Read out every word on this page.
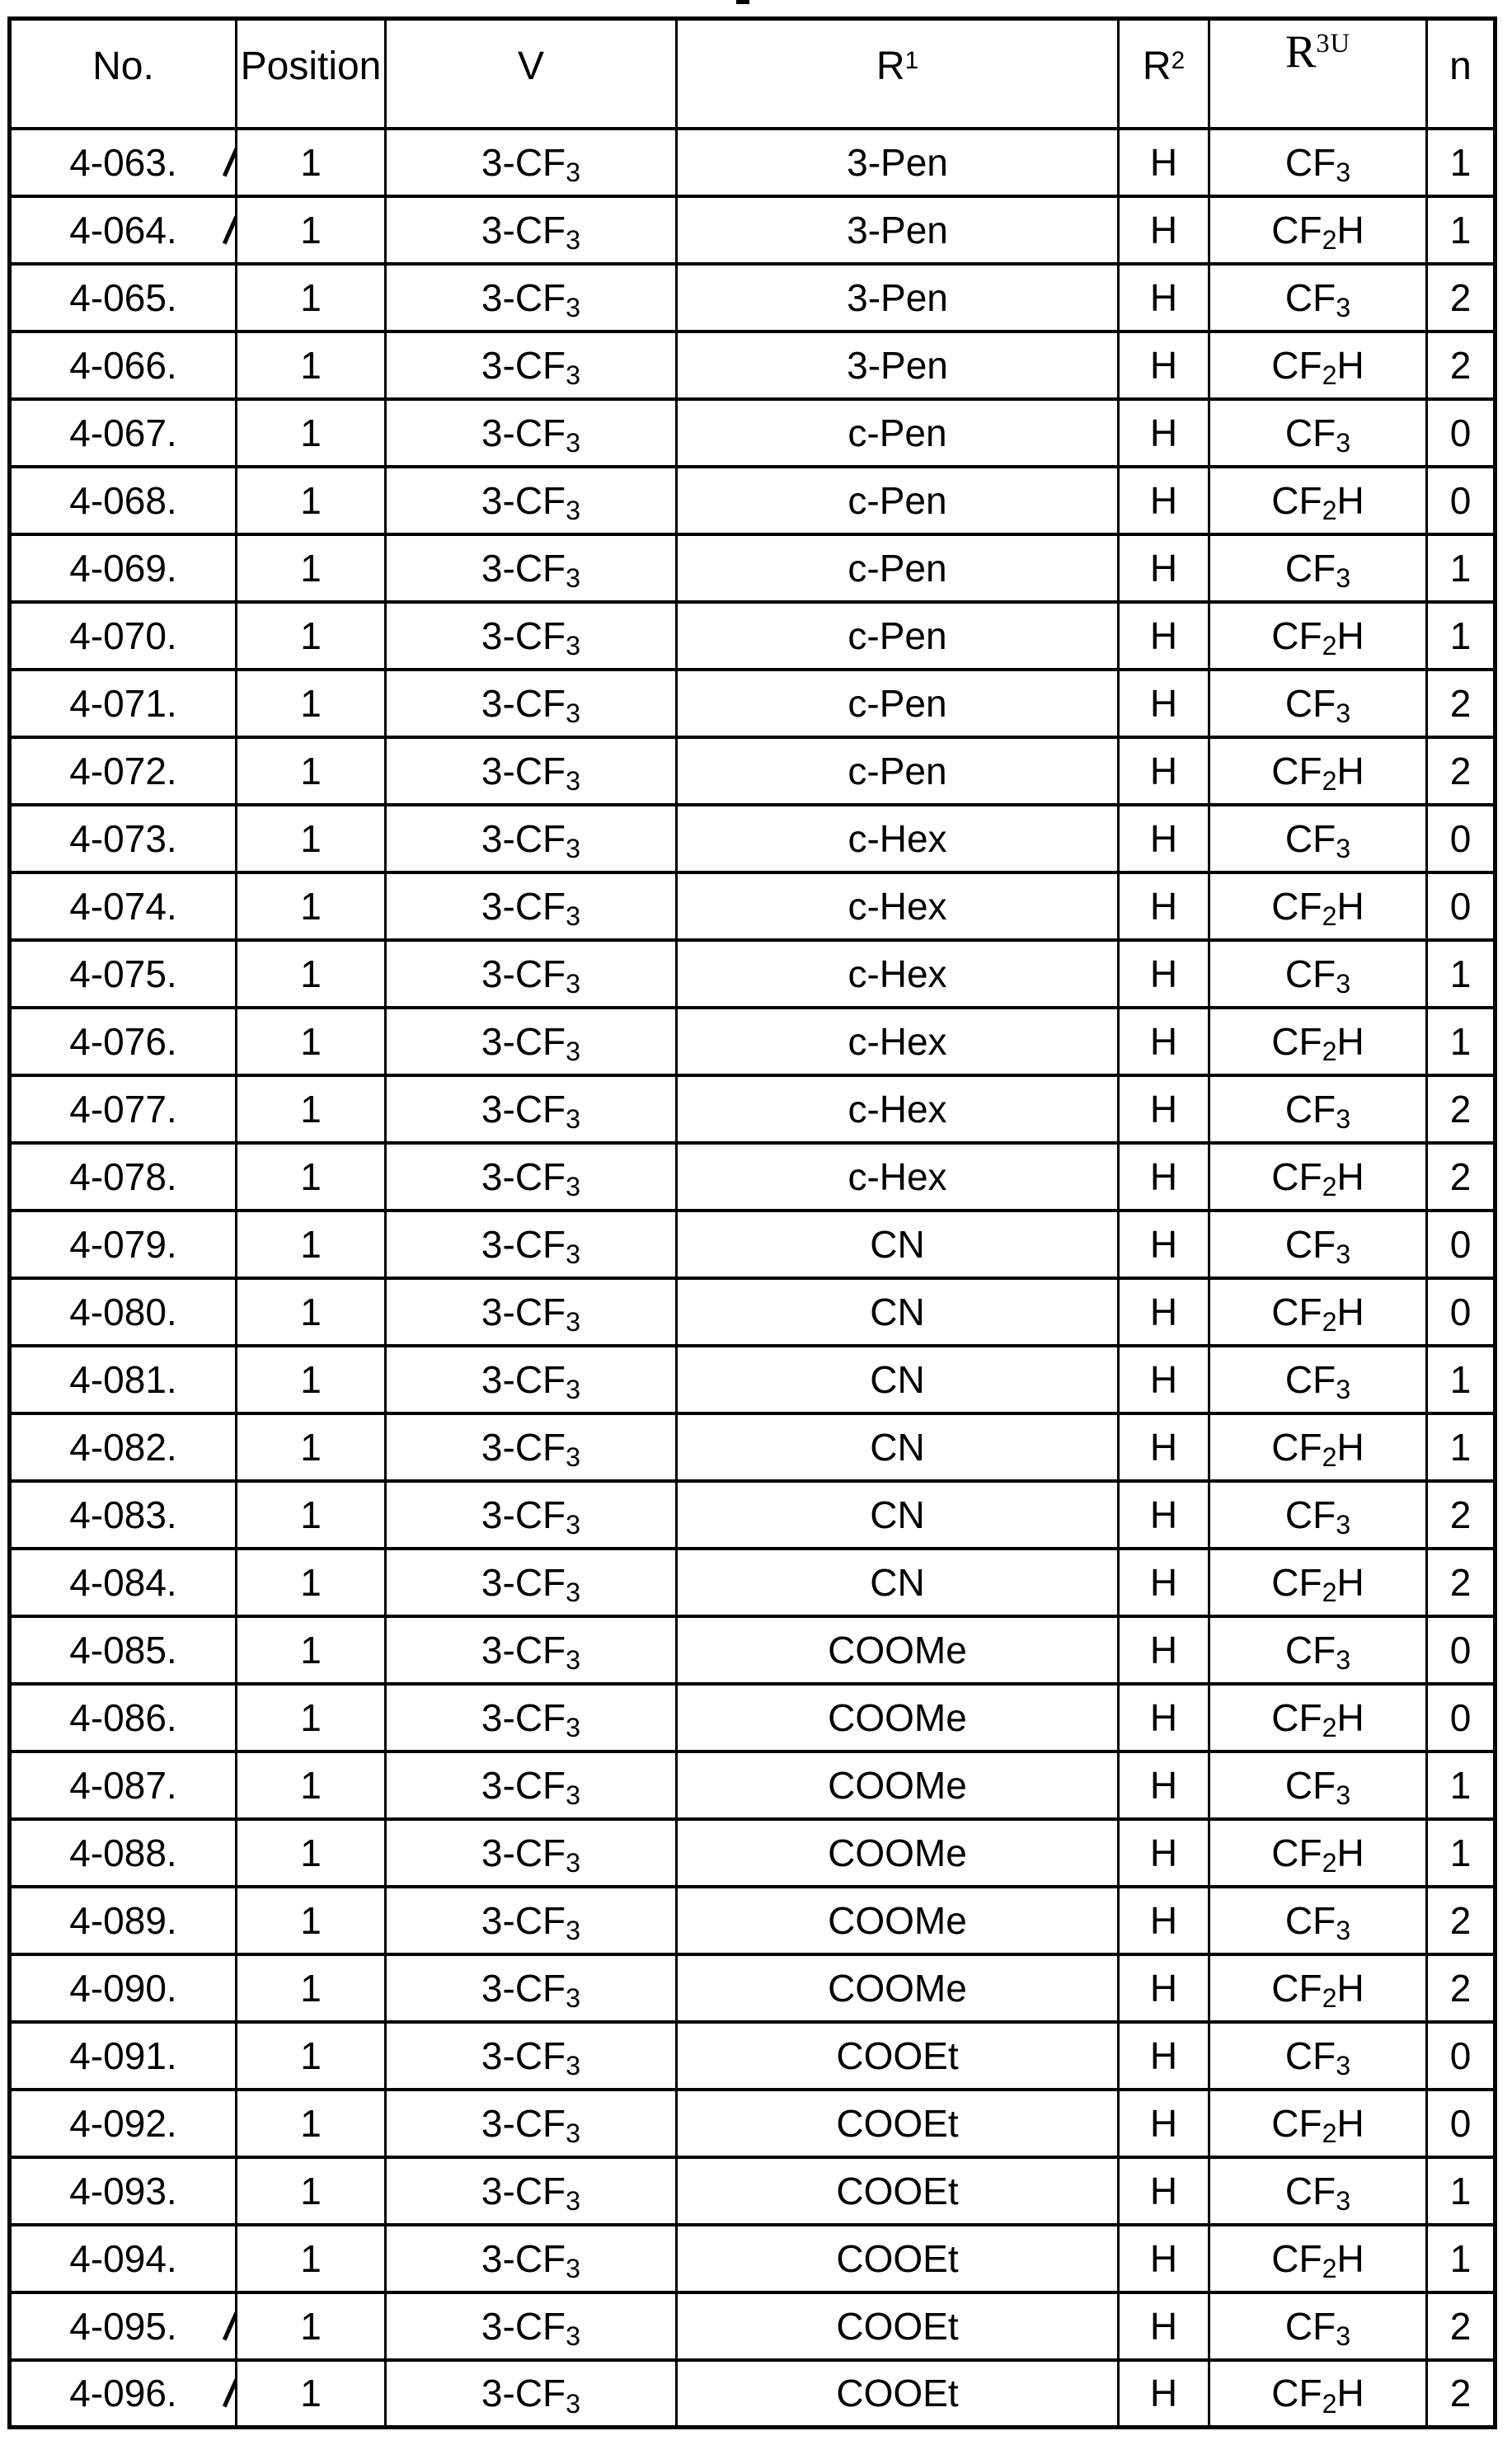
No.	Position	V	$R^1$	$R^2$	$R^{3U}$	n
4-063.	1	$3-CF_3$	3-Pen	H	$CF_3$	1
4-064.	1	$3-CF_3$	3-Pen	H	$CF_2H$	1
4-065.	1	$3-CF_3$	3-Pen	H	$CF_3$	2
4-066.	1	$3-CF_3$	3-Pen	H	$CF_2H$	2
4-067.	1	$3-CF_3$	c-Pen	H	$CF_3$	0
4-068.	1	$3-CF_3$	c-Pen	H	$CF_2H$	0
4-069.	1	$3-CF_3$	c-Pen	H	$CF_3$	1
4-070.	1	$3-CF_3$	c-Pen	H	$CF_2H$	1
4-071.	1	$3-CF_3$	c-Pen	H	$CF_3$	2
4-072.	1	$3-CF_3$	c-Pen	H	$CF_2H$	2
4-073.	1	$3-CF_3$	c-Hex	H	$CF_3$	0
4-074.	1	$3-CF_3$	c-Hex	H	$CF_2H$	0
4-075.	1	$3-CF_3$	c-Hex	H	$CF_3$	1
4-076.	1	$3-CF_3$	c-Hex	H	$CF_2H$	1
4-077.	1	$3-CF_3$	c-Hex	H	$CF_3$	2
4-078.	1	$3-CF_3$	c-Hex	H	$CF_2H$	2
4-079.	1	$3-CF_3$	CN	H	$CF_3$	0
4-080.	1	$3-CF_3$	CN	H	$CF_2H$	0
4-081.	1	$3-CF_3$	CN	H	$CF_3$	1
4-082.	1	$3-CF_3$	CN	H	$CF_2H$	1
4-083.	1	$3-CF_3$	CN	H	$CF_3$	2
4-084.	1	$3-CF_3$	CN	H	$CF_2H$	2
4-085.	1	$3-CF_3$	COOMe	H	$CF_3$	0
4-086.	1	$3-CF_3$	COOMe	H	$CF_2H$	0
4-087.	1	$3-CF_3$	COOMe	H	$CF_3$	1
4-088.	1	$3-CF_3$	COOMe	H	$CF_2H$	1
4-089.	1	$3-CF_3$	COOMe	H	$CF_3$	2
4-090.	1	$3-CF_3$	COOMe	H	$CF_2H$	2
4-091.	1	$3-CF_3$	COOEt	H	$CF_3$	0
4-092.	1	$3-CF_3$	COOEt	H	$CF_2H$	0
4-093.	1	$3-CF_3$	COOEt	H	$CF_3$	1
4-094.	1	$3-CF_3$	COOEt	H	$CF_2H$	1
4-095.	1	$3-CF_3$	COOEt	H	$CF_3$	2
4-096.	1	$3-CF_3$	COOEt	H	$CF_2H$	2
